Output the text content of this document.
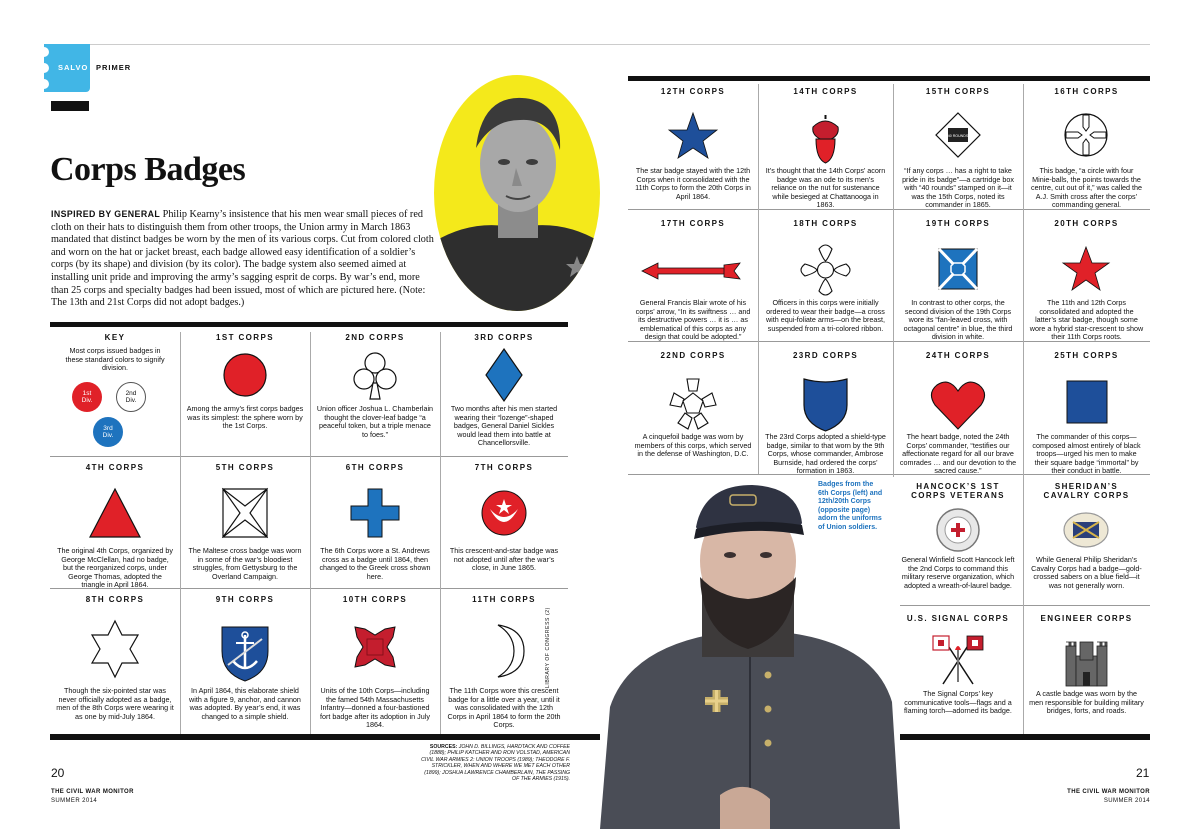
SALVO PRIMER
Corps Badges
INSPIRED BY GENERAL Philip Kearny’s insistence that his men wear small pieces of red cloth on their hats to distinguish them from other troops, the Union army in March 1863 mandated that distinct badges be worn by the men of its various corps. Cut from colored cloth and worn on the hat or jacket breast, each badge allowed easy identification of a soldier’s corps (by its shape) and division (by its color). The badge system also seemed aimed at installing unit pride and improving the army’s sagging esprit de corps. By war’s end, more than 25 corps and specialty badges had been issued, most of which are pictured here. (Note: The 13th and 21st Corps did not adopt badges.)
KEY
Most corps issued badges in these standard colors to signify division.
1st Div.
2nd Div.
3rd Div.
1ST CORPS
Among the army’s first corps badges was its simplest: the sphere worn by the 1st Corps.
2ND CORPS
Union officer Joshua L. Chamberlain thought the clover-leaf badge “a peaceful token, but a triple menace to foes.”
3RD CORPS
Two months after his men started wearing their “lozenge”-shaped badges, General Daniel Sickles would lead them into battle at Chancellorsville.
4TH CORPS
The original 4th Corps, organized by George McClellan, had no badge, but the reorganized corps, under George Thomas, adopted the triangle in April 1864.
5TH CORPS
The Maltese cross badge was worn in some of the war’s bloodiest struggles, from Gettysburg to the Overland Campaign.
6TH CORPS
The 6th Corps wore a St. Andrews cross as a badge until 1864, then changed to the Greek cross shown here.
7TH CORPS
This crescent-and-star badge was not adopted until after the war’s close, in June 1865.
8TH CORPS
Though the six-pointed star was never officially adopted as a badge, men of the 8th Corps were wearing it as one by mid-July 1864.
9TH CORPS
In April 1864, this elaborate shield with a figure 9, anchor, and cannon was adopted. By year’s end, it was changed to a simple shield.
10TH CORPS
Units of the 10th Corps—including the famed 54th Massachusetts Infantry—donned a four-bastioned fort badge after its adoption in July 1864.
11TH CORPS
The 11th Corps wore this crescent badge for a little over a year, until it was consolidated with the 12th Corps in April 1864 to form the 20th Corps.
12TH CORPS
The star badge stayed with the 12th Corps when it consolidated with the 11th Corps to form the 20th Corps in April 1864.
14TH CORPS
It’s thought that the 14th Corps’ acorn badge was an ode to its men’s reliance on the nut for sustenance while besieged at Chattanooga in 1863.
15TH CORPS
40 ROUNDS
“If any corps … has a right to take pride in its badge”—a cartridge box with “40 rounds” stamped on it—it was the 15th Corps, noted its commander in 1865.
16TH CORPS
This badge, “a circle with four Minie-balls, the points towards the centre, cut out of it,” was called the A.J. Smith cross after the corps’ commanding general.
17TH CORPS
General Francis Blair wrote of his corps’ arrow, “In its swiftness … and its destructive powers … it is … as emblematical of this corps as any design that could be adopted.”
18TH CORPS
Officers in this corps were initially ordered to wear their badge—a cross with equi-foliate arms—on the breast, suspended from a tri-colored ribbon.
19TH CORPS
In contrast to other corps, the second division of the 19th Corps wore its “fan-leaved cross, with octagonal centre” in blue, the third division in white.
20TH CORPS
The 11th and 12th Corps consolidated and adopted the latter’s star badge, though some wore a hybrid star-crescent to show their 11th Corps roots.
22ND CORPS
A cinquefoil badge was worn by members of this corps, which served in the defense of Washington, D.C.
23RD CORPS
The 23rd Corps adopted a shield-type badge, similar to that worn by the 9th Corps, whose commander, Ambrose Burnside, had ordered the corps’ formation in 1863.
24TH CORPS
The heart badge, noted the 24th Corps’ commander, “testifies our affectionate regard for all our brave comrades … and our devotion to the sacred cause.”
25TH CORPS
The commander of this corps—composed almost entirely of black troops—urged his men to make their square badge “immortal” by their conduct in battle.
HANCOCK’S 1ST CORPS VETERANS
General Winfield Scott Hancock left the 2nd Corps to command this military reserve organization, which adopted a wreath-of-laurel badge.
SHERIDAN’S CAVALRY CORPS
While General Philip Sheridan’s Cavalry Corps had a badge—gold-crossed sabers on a blue field—it was not generally worn.
U.S. SIGNAL CORPS
The Signal Corps’ key communicative tools—flags and a flaming torch—adorned its badge.
ENGINEER CORPS
A castle badge was worn by the men responsible for building military bridges, forts, and roads.
Badges from the 6th Corps (left) and 12th/20th Corps (opposite page) adorn the uniforms of Union soldiers.
LIBRARY OF CONGRESS (2)
SOURCES: JOHN D. BILLINGS, HARDTACK AND COFFEE (1888); PHILIP KATCHER AND RON VOLSTAD, AMERICAN CIVIL WAR ARMIES 2: UNION TROOPS (1989); THEODORE F. STRICKLER, WHEN AND WHERE WE MET EACH OTHER (1899); JOSHUA LAWRENCE CHAMBERLAIN, THE PASSING OF THE ARMIES (1915).
20
THE CIVIL WAR MONITOR
SUMMER 2014
21
THE CIVIL WAR MONITOR
SUMMER 2014
